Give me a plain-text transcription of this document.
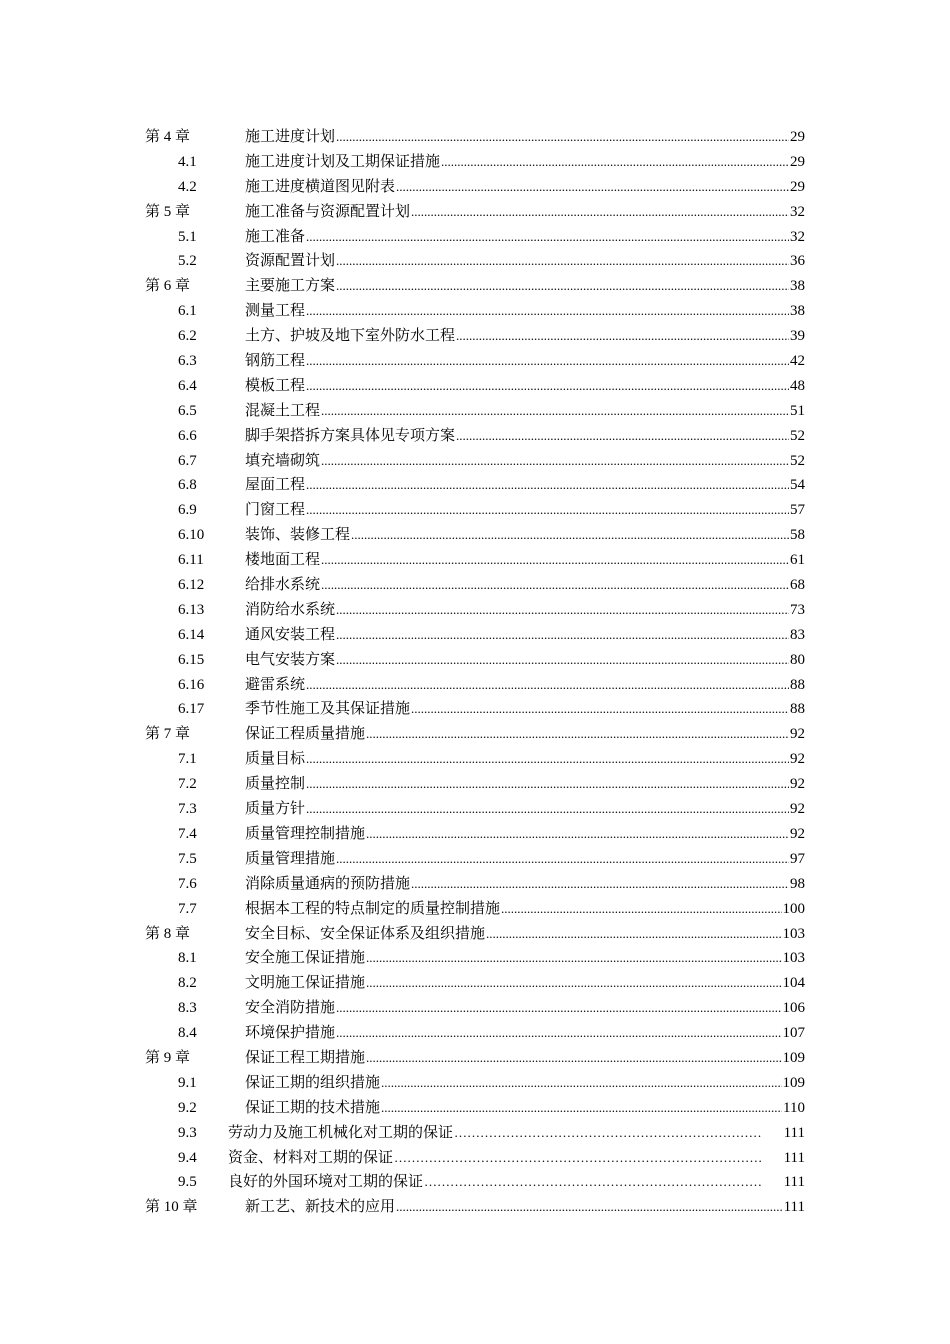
第 4 章	施工进度计划 .....	29
4.1	施工进度计划及工期保证措施 .....	29
4.2	施工进度横道图见附表 .....	29
第 5 章	施工准备与资源配置计划 .....	32
5.1	施工准备 .....	32
5.2	资源配置计划 .....	36
第 6 章	主要施工方案 .....	38
6.1	测量工程 .....	38
6.2	土方、护坡及地下室外防水工程 .....	39
6.3	钢筋工程 .....	42
6.4	模板工程 .....	48
6.5	混凝土工程 .....	51
6.6	脚手架搭拆方案具体见专项方案 .....	52
6.7	填充墙砌筑 .....	52
6.8	屋面工程 .....	54
6.9	门窗工程 .....	57
6.10	装饰、装修工程 .....	58
6.11	楼地面工程 .....	61
6.12	给排水系统 .....	68
6.13	消防给水系统 .....	73
6.14	通风安装工程 .....	83
6.15	电气安装方案 .....	80
6.16	避雷系统 .....	88
6.17	季节性施工及其保证措施 .....	88
第 7 章	保证工程质量措施 .....	92
7.1	质量目标 .....	92
7.2	质量控制 .....	92
7.3	质量方针 .....	92
7.4	质量管理控制措施 .....	92
7.5	质量管理措施 .....	97
7.6	消除质量通病的预防措施 .....	98
7.7	根据本工程的特点制定的质量控制措施 .....	100
第 8 章	安全目标、安全保证体系及组织措施 .....	103
8.1	安全施工保证措施 .....	103
8.2	文明施工保证措施 .....	104
8.3	安全消防措施 .....	106
8.4	环境保护措施 .....	107
第 9 章	保证工程工期措施 .....	109
9.1	保证工期的组织措施 .....	109
9.2	保证工期的技术措施 .....	110
9.3 劳动力及施工机械化对工期的保证 …………………………………………………………………………………………………………………………………………………………………………………………	111
9.4 资金、材料对工期的保证 …………………………………………………………………………………………………………………………………………………………………………………………	111
9.5 良好的外国环境对工期的保证 …………………………………………………………………………………………………………………………………………………………………………………………	111
第 10 章	新工艺、新技术的应用 .....	111
